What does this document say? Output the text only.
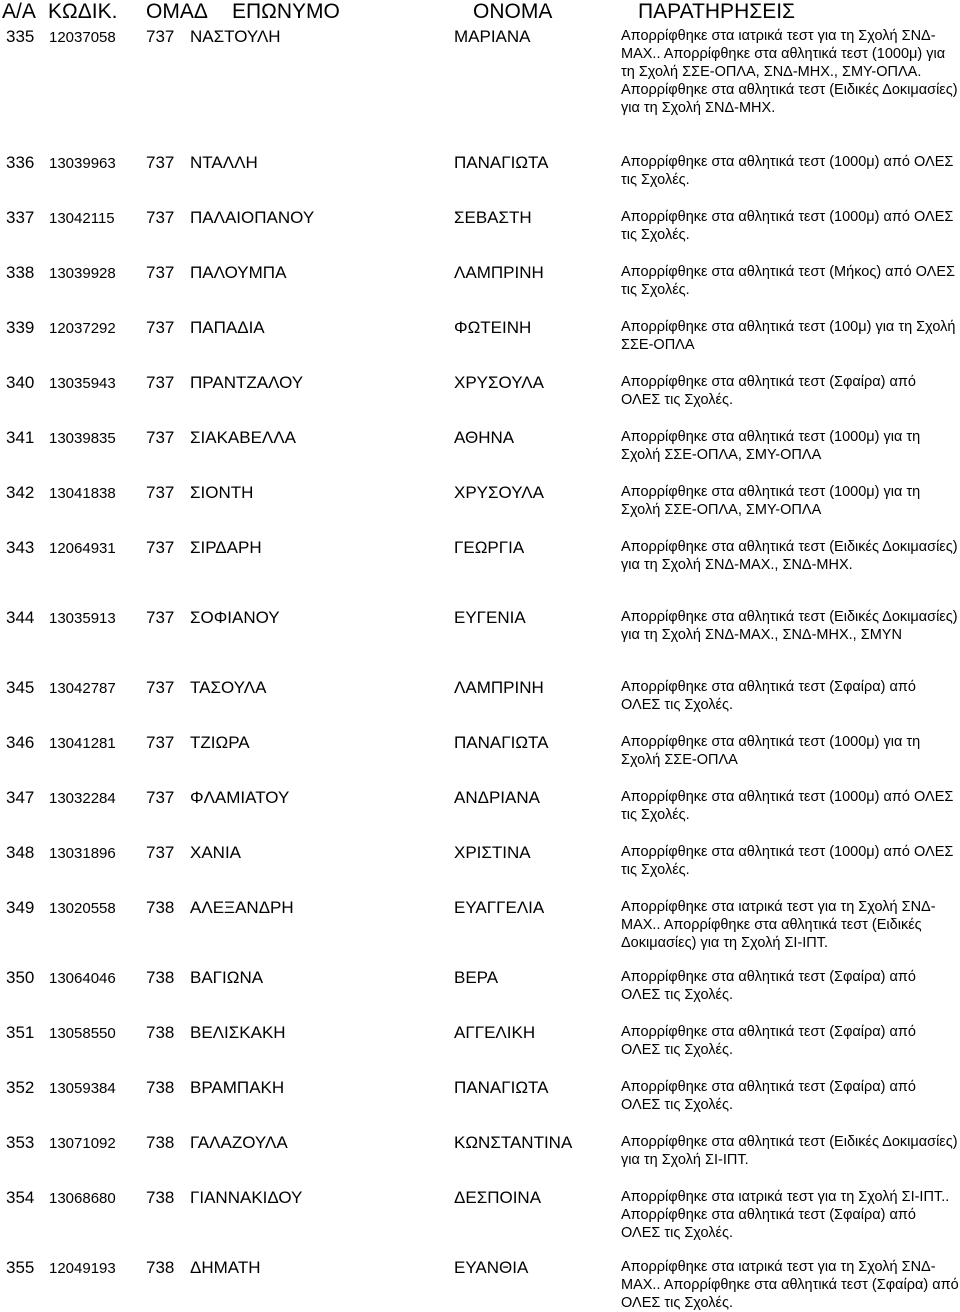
Α/Α ΚΩΔΙΚ. ΟΜΑΔ ΕΠΩΝΥΜΟ	ΟΝΟΜΑ	ΠΑΡΑΤΗΡΗΣΕΙΣ
335 12037058 737 ΝΑΣΤΟΥΛΗ	ΜΑΡΙΑΝΑ	Απορρίφθηκε στα ιατρικά τεστ για τη Σχολή ΣΝΔ-ΜΑΧ.. Απορρίφθηκε στα αθλητικά τεστ (1000μ) για τη Σχολή ΣΣΕ-ΟΠΛΑ, ΣΝΔ-ΜΗΧ., ΣΜΥ-ΟΠΛΑ. Απορρίφθηκε στα αθλητικά τεστ (Ειδικές Δοκιμασίες) για τη Σχολή ΣΝΔ-ΜΗΧ.
336 13039963 737 ΝΤΑΛΛΗ	ΠΑΝΑΓΙΩΤΑ	Απορρίφθηκε στα αθλητικά τεστ (1000μ) από ΟΛΕΣ τις Σχολές.
337 13042115 737 ΠΑΛΑΙΟΠΑΝΟΥ	ΣΕΒΑΣΤΗ	Απορρίφθηκε στα αθλητικά τεστ (1000μ) από ΟΛΕΣ τις Σχολές.
338 13039928 737 ΠΑΛΟΥΜΠΑ	ΛΑΜΠΡΙΝΗ	Απορρίφθηκε στα αθλητικά τεστ (Μήκος) από ΟΛΕΣ τις Σχολές.
339 12037292 737 ΠΑΠΑΔΙΑ	ΦΩΤΕΙΝΗ	Απορρίφθηκε στα αθλητικά τεστ (100μ) για τη Σχολή ΣΣΕ-ΟΠΛΑ
340 13035943 737 ΠΡΑΝΤΖΑΛΟΥ	ΧΡΥΣΟΥΛΑ	Απορρίφθηκε στα αθλητικά τεστ (Σφαίρα) από ΟΛΕΣ τις Σχολές.
341 13039835 737 ΣΙΑΚΑΒΕΛΛΑ	ΑΘΗΝΑ	Απορρίφθηκε στα αθλητικά τεστ (1000μ) για τη Σχολή ΣΣΕ-ΟΠΛΑ, ΣΜΥ-ΟΠΛΑ
342 13041838 737 ΣΙΟΝΤΗ	ΧΡΥΣΟΥΛΑ	Απορρίφθηκε στα αθλητικά τεστ (1000μ) για τη Σχολή ΣΣΕ-ΟΠΛΑ, ΣΜΥ-ΟΠΛΑ
343 12064931 737 ΣΙΡΔΑΡΗ	ΓΕΩΡΓΙΑ	Απορρίφθηκε στα αθλητικά τεστ (Ειδικές Δοκιμασίες) για τη Σχολή ΣΝΔ-ΜΑΧ., ΣΝΔ-ΜΗΧ.
344 13035913 737 ΣΟΦΙΑΝΟΥ	ΕΥΓΕΝΙΑ	Απορρίφθηκε στα αθλητικά τεστ (Ειδικές Δοκιμασίες) για τη Σχολή ΣΝΔ-ΜΑΧ., ΣΝΔ-ΜΗΧ., ΣΜΥΝ
345 13042787 737 ΤΑΣΟΥΛΑ	ΛΑΜΠΡΙΝΗ	Απορρίφθηκε στα αθλητικά τεστ (Σφαίρα) από ΟΛΕΣ τις Σχολές.
346 13041281 737 ΤΖΙΩΡΑ	ΠΑΝΑΓΙΩΤΑ	Απορρίφθηκε στα αθλητικά τεστ (1000μ) για τη Σχολή ΣΣΕ-ΟΠΛΑ
347 13032284 737 ΦΛΑΜΙΑΤΟΥ	ΑΝΔΡΙΑΝΑ	Απορρίφθηκε στα αθλητικά τεστ (1000μ) από ΟΛΕΣ τις Σχολές.
348 13031896 737 ΧΑΝΙΑ	ΧΡΙΣΤΙΝΑ	Απορρίφθηκε στα αθλητικά τεστ (1000μ) από ΟΛΕΣ τις Σχολές.
349 13020558 738 ΑΛΕΞΑΝΔΡΗ	ΕΥΑΓΓΕΛΙΑ	Απορρίφθηκε στα ιατρικά τεστ για τη Σχολή ΣΝΔ-ΜΑΧ.. Απορρίφθηκε στα αθλητικά τεστ (Ειδικές Δοκιμασίες) για τη Σχολή ΣΙ-ΙΠΤ.
350 13064046 738 ΒΑΓΙΩΝΑ	ΒΕΡΑ	Απορρίφθηκε στα αθλητικά τεστ (Σφαίρα) από ΟΛΕΣ τις Σχολές.
351 13058550 738 ΒΕΛΙΣΚΑΚΗ	ΑΓΓΕΛΙΚΗ	Απορρίφθηκε στα αθλητικά τεστ (Σφαίρα) από ΟΛΕΣ τις Σχολές.
352 13059384 738 ΒΡΑΜΠΑΚΗ	ΠΑΝΑΓΙΩΤΑ	Απορρίφθηκε στα αθλητικά τεστ (Σφαίρα) από ΟΛΕΣ τις Σχολές.
353 13071092 738 ΓΑΛΑΖΟΥΛΑ	ΚΩΝΣΤΑΝΤΙΝΑ	Απορρίφθηκε στα αθλητικά τεστ (Ειδικές Δοκιμασίες) για τη Σχολή ΣΙ-ΙΠΤ.
354 13068680 738 ΓΙΑΝΝΑΚΙΔΟΥ	ΔΕΣΠΟΙΝΑ	Απορρίφθηκε στα ιατρικά τεστ για τη Σχολή ΣΙ-ΙΠΤ.. Απορρίφθηκε στα αθλητικά τεστ (Σφαίρα) από ΟΛΕΣ τις Σχολές.
355 12049193 738 ΔΗΜΑΤΗ	ΕΥΑΝΘΙΑ	Απορρίφθηκε στα ιατρικά τεστ για τη Σχολή ΣΝΔ-ΜΑΧ.. Απορρίφθηκε στα αθλητικά τεστ (Σφαίρα) από ΟΛΕΣ τις Σχολές.
